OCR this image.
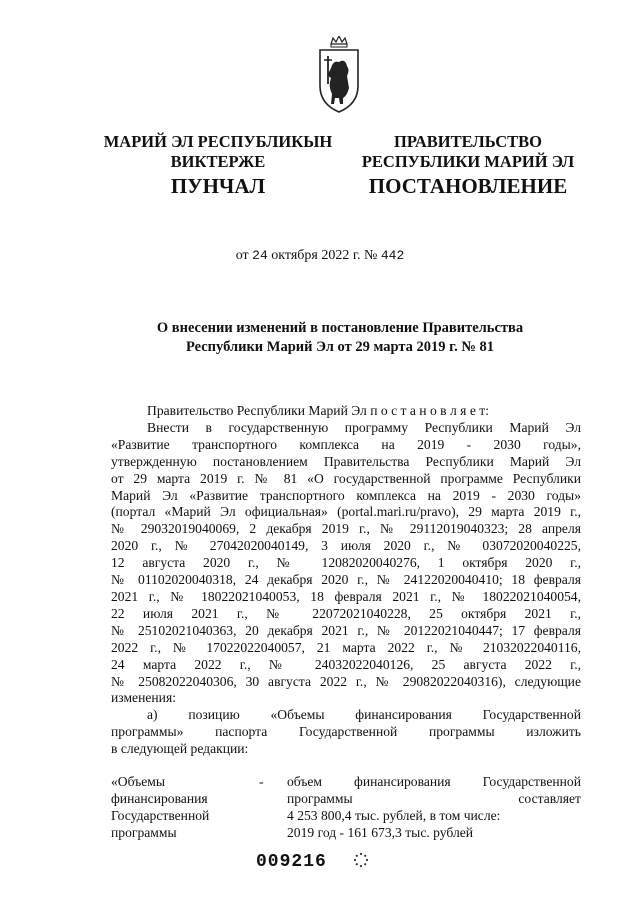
МАРИЙ ЭЛ РЕСПУБЛИКЫН
ВИКТЕРЖЕ
ПРАВИТЕЛЬСТВО
РЕСПУБЛИКИ МАРИЙ ЭЛ
ПУНЧАЛ	ПОСТАНОВЛЕНИЕ
от 24 октября 2022 г. № 442
О внесении изменений в постановление Правительства
Республики Марий Эл от 29 марта 2019 г. № 81
Правительство Республики Марий Эл п о с т а н о в л я е т:
Внести в государственную программу Республики Марий Эл
«Развитие транспортного комплекса на 2019 - 2030 годы»,
утвержденную постановлением Правительства Республики Марий Эл
от 29 марта 2019 г. № 81 «О государственной программе Республики
Марий Эл «Развитие транспортного комплекса на 2019 - 2030 годы»
(портал «Марий Эл официальная» (portal.mari.ru/pravo), 29 марта 2019 г.,
№ 29032019040069, 2 декабря 2019 г., № 29112019040323; 28 апреля
2020 г., № 27042020040149, 3 июля 2020 г., № 03072020040225,
12 августа 2020 г., № 12082020040276, 1 октября 2020 г.,
№ 01102020040318, 24 декабря 2020 г., № 24122020040410; 18 февраля
2021 г., № 18022021040053, 18 февраля 2021 г., № 18022021040054,
22 июля 2021 г., № 22072021040228, 25 октября 2021 г.,
№ 25102021040363, 20 декабря 2021 г., № 20122021040447; 17 февраля
2022 г., № 17022022040057, 21 марта 2022 г., № 21032022040116,
24 марта 2022 г., № 24032022040126, 25 августа 2022 г.,
№ 25082022040306, 30 августа 2022 г., № 29082022040316), следующие
изменения:
а) позицию «Объемы финансирования Государственной
программы» паспорта Государственной программы изложить
в следующей редакции:
«Объемы
финансирования
Государственной
программы
- объем финансирования Государственной
программы составляет
4 253 800,4 тыс. рублей, в том числе:
2019 год - 161 673,3 тыс. рублей
009216
